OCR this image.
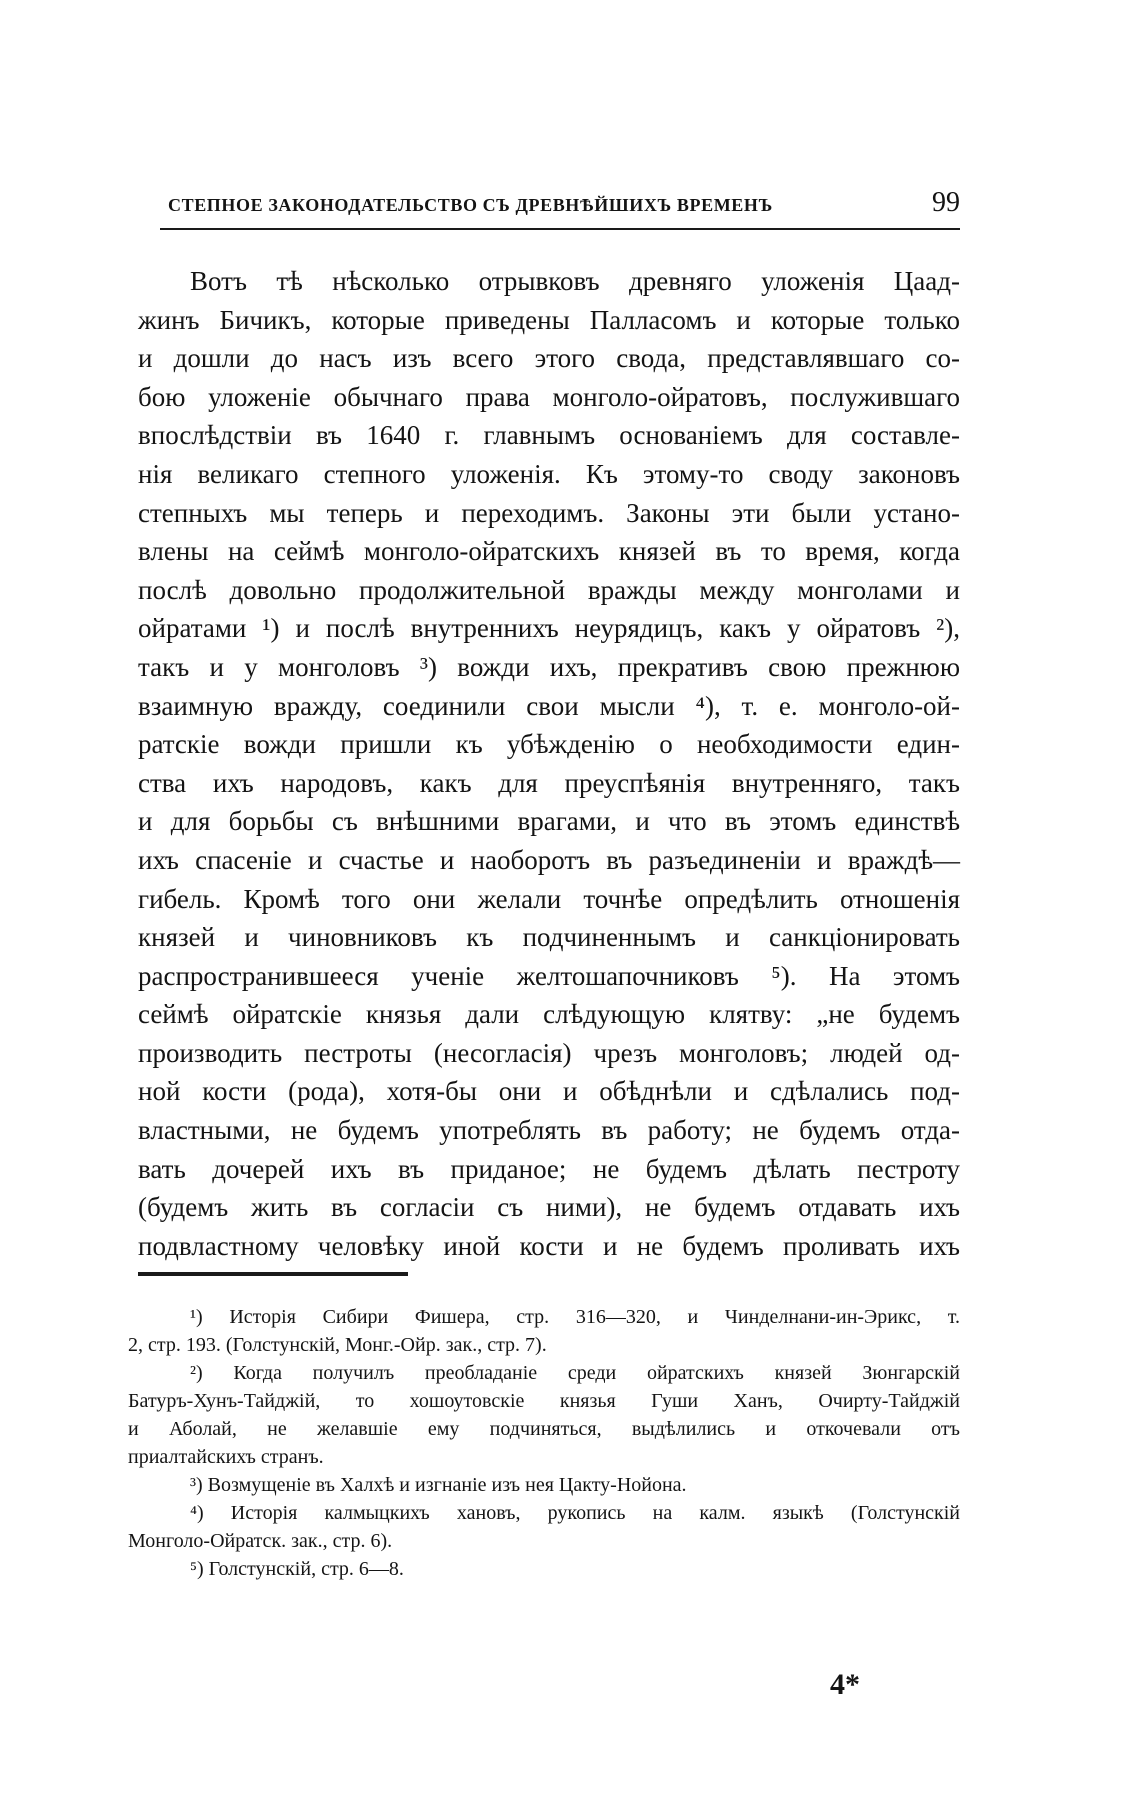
СТЕПНОЕ ЗАКОНОДАТЕЛЬСТВО СЪ ДРЕВНѢЙШИХЪ ВРЕМЕНЪ	99
Вотъ тѣ нѣсколько отрывковъ древняго уложенія Цаад-
жинъ Бичикъ, которые приведены Палласомъ и которые только
и дошли до насъ изъ всего этого свода, представлявшаго со-
бою уложеніе обычнаго права монголо-ойратовъ, послужившаго
впослѣдствіи въ 1640 г. главнымъ основаніемъ для составле-
нія великаго степного уложенія. Къ этому-то своду законовъ
степныхъ мы теперь и переходимъ. Законы эти были устано-
влены на сеймѣ монголо-ойратскихъ князей въ то время, когда
послѣ довольно продолжительной вражды между монголами и
ойратами ¹) и послѣ внутреннихъ неурядицъ, какъ у ойратовъ ²),
такъ и у монголовъ ³) вожди ихъ, прекративъ свою прежнюю
взаимную вражду, соединили свои мысли ⁴), т. е. монголо-ой-
ратскіе вожди пришли къ убѣжденію о необходимости един-
ства ихъ народовъ, какъ для преуспѣянія внутренняго, такъ
и для борьбы съ внѣшними врагами, и что въ этомъ единствѣ
ихъ спасеніе и счастье и наоборотъ въ разъединеніи и враждѣ—
гибель. Кромѣ того они желали точнѣе опредѣлить отношенія
князей и чиновниковъ къ подчиненнымъ и санкціонировать
распространившееся ученіе желтошапочниковъ ⁵). На этомъ
сеймѣ ойратскіе князья дали слѣдующую клятву: „не будемъ
производить пестроты (несогласія) чрезъ монголовъ; людей од-
ной кости (рода), хотя-бы они и обѣднѣли и сдѣлались под-
властными, не будемъ употреблять въ работу; не будемъ отда-
вать дочерей ихъ въ приданое; не будемъ дѣлать пестроту
(будемъ жить въ согласіи съ ними), не будемъ отдавать ихъ
подвластному человѣку иной кости и не будемъ проливать ихъ
¹) Исторія Сибири Фишера, стр. 316—320, и Чинделнани-ин-Эрикс, т.
2, стр. 193. (Голстунскій, Монг.-Ойр. зак., стр. 7).
²) Когда получилъ преобладаніе среди ойратскихъ князей Зюнгарскій
Батуръ-Хунъ-Тайджій, то хошоутовскіе князья Гуши Ханъ, Очирту-Тайджій
и Аболай, не желавшіе ему подчиняться, выдѣлились и откочевали отъ
приалтайскихъ странъ.
³) Возмущеніе въ Халхѣ и изгнаніе изъ нея Цакту-Нойона.
⁴) Исторія калмыцкихъ хановъ, рукопись на калм. языкѣ (Голстунскій
Монголо-Ойратск. зак., стр. 6).
⁵) Голстунскій, стр. 6—8.
4*
